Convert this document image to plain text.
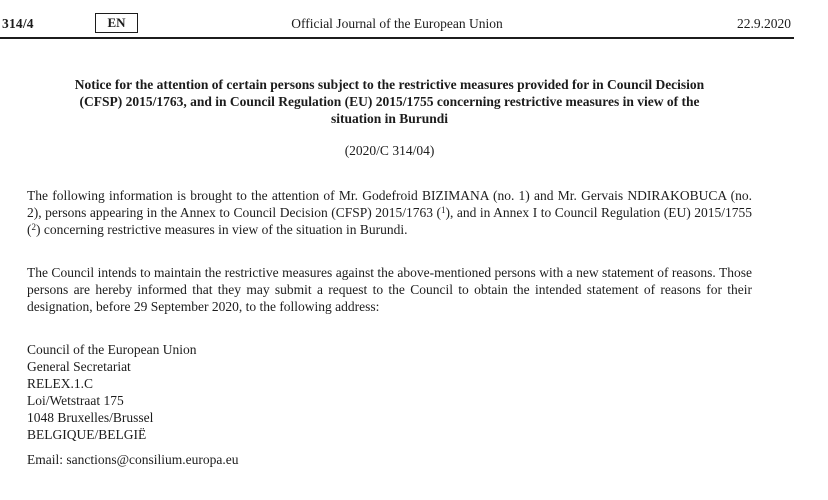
314/4	EN	Official Journal of the European Union	22.9.2020
Notice for the attention of certain persons subject to the restrictive measures provided for in Council Decision (CFSP) 2015/1763, and in Council Regulation (EU) 2015/1755 concerning restrictive measures in view of the situation in Burundi
(2020/C 314/04)

The following information is brought to the attention of Mr. Godefroid BIZIMANA (no. 1) and Mr. Gervais NDIRAKOBUCA (no. 2), persons appearing in the Annex to Council Decision (CFSP) 2015/1763 ($^1$), and in Annex I to Council Regulation (EU) 2015/1755 ($^2$) concerning restrictive measures in view of the situation in Burundi.

The Council intends to maintain the restrictive measures against the above-mentioned persons with a new statement of reasons. Those persons are hereby informed that they may submit a request to the Council to obtain the intended statement of reasons for their designation, before 29 September 2020, to the following address:

Council of the European Union
General Secretariat
RELEX.1.C
Loi/Wetstraat 175
1048 Bruxelles/Brussel
BELGIQUE/BELGIË
Email: sanctions@consilium.europa.eu
